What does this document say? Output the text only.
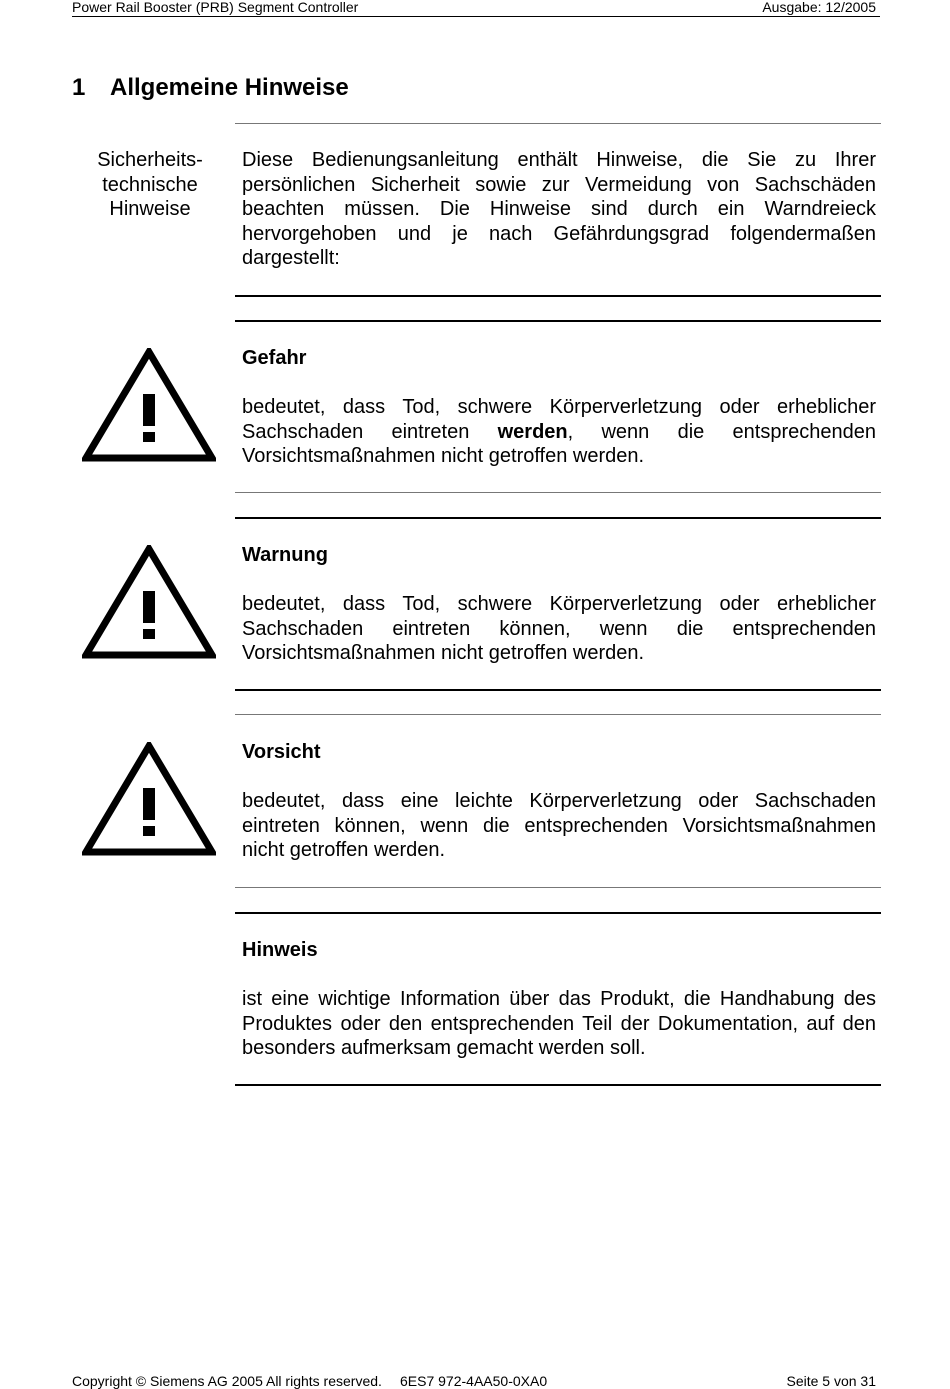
Power Rail Booster (PRB) Segment Controller	Ausgabe: 12/2005
1 Allgemeine Hinweise
Sicherheits-
technische
Hinweise
Diese Bedienungsanleitung enthält Hinweise, die Sie zu Ihrer persönlichen Sicherheit sowie zur Vermeidung von Sachschäden beachten müssen. Die Hinweise sind durch ein Warndreieck hervorgehoben und je nach Gefährdungsgrad folgendermaßen dargestellt:
Gefahr
bedeutet, dass Tod, schwere Körperverletzung oder erheblicher Sachschaden eintreten werden, wenn die entsprechenden Vorsichtsmaßnahmen nicht getroffen werden.
Warnung
bedeutet, dass Tod, schwere Körperverletzung oder erheblicher Sachschaden eintreten können, wenn die entsprechenden Vorsichtsmaßnahmen nicht getroffen werden.
Vorsicht
bedeutet, dass eine leichte Körperverletzung oder Sachschaden eintreten können, wenn die entsprechenden Vorsichtsmaßnahmen nicht getroffen werden.
Hinweis
ist eine wichtige Information über das Produkt, die Handhabung des Produktes oder den entsprechenden Teil der Dokumentation, auf den besonders aufmerksam gemacht werden soll.
Copyright © Siemens AG 2005 All rights reserved. 6ES7 972-4AA50-0XA0	Seite 5 von 31
